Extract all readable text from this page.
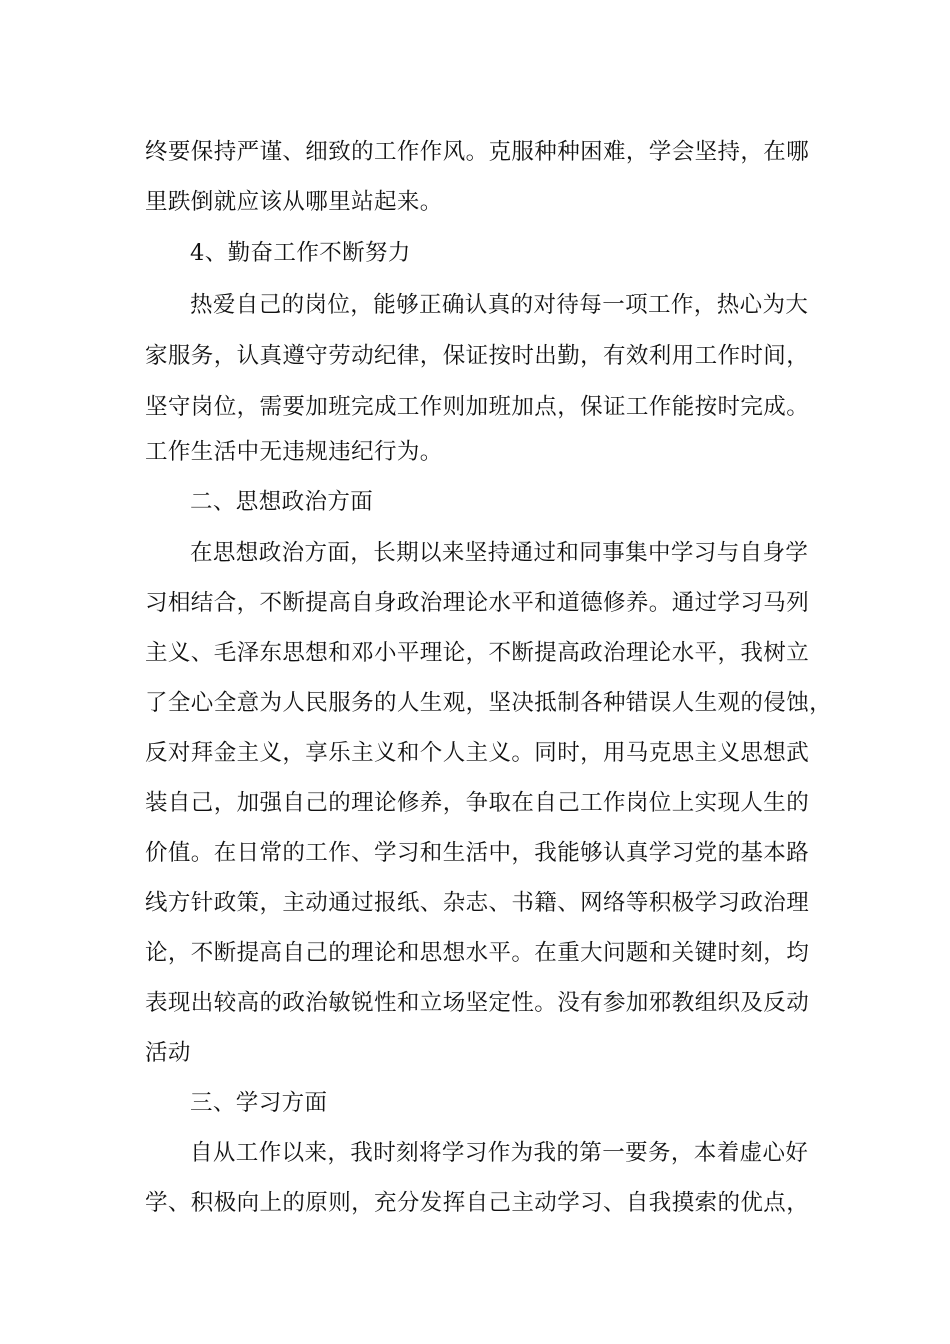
终要保持严谨、细致的工作作风。克服种种困难，学会坚持，在哪
里跌倒就应该从哪里站起来。
4、勤奋工作不断努力
热爱自己的岗位，能够正确认真的对待每一项工作，热心为大
家服务，认真遵守劳动纪律，保证按时出勤，有效利用工作时间，
坚守岗位，需要加班完成工作则加班加点，保证工作能按时完成。
工作生活中无违规违纪行为。
二、思想政治方面
在思想政治方面，长期以来坚持通过和同事集中学习与自身学
习相结合，不断提高自身政治理论水平和道德修养。通过学习马列
主义、毛泽东思想和邓小平理论，不断提高政治理论水平，我树立
了全心全意为人民服务的人生观，坚决抵制各种错误人生观的侵蚀，
反对拜金主义，享乐主义和个人主义。同时，用马克思主义思想武
装自己，加强自己的理论修养，争取在自己工作岗位上实现人生的
价值。在日常的工作、学习和生活中，我能够认真学习党的基本路
线方针政策，主动通过报纸、杂志、书籍、网络等积极学习政治理
论，不断提高自己的理论和思想水平。在重大问题和关键时刻，均
表现出较高的政治敏锐性和立场坚定性。没有参加邪教组织及反动
活动
三、学习方面
自从工作以来，我时刻将学习作为我的第一要务，本着虚心好
学、积极向上的原则，充分发挥自己主动学习、自我摸索的优点，
